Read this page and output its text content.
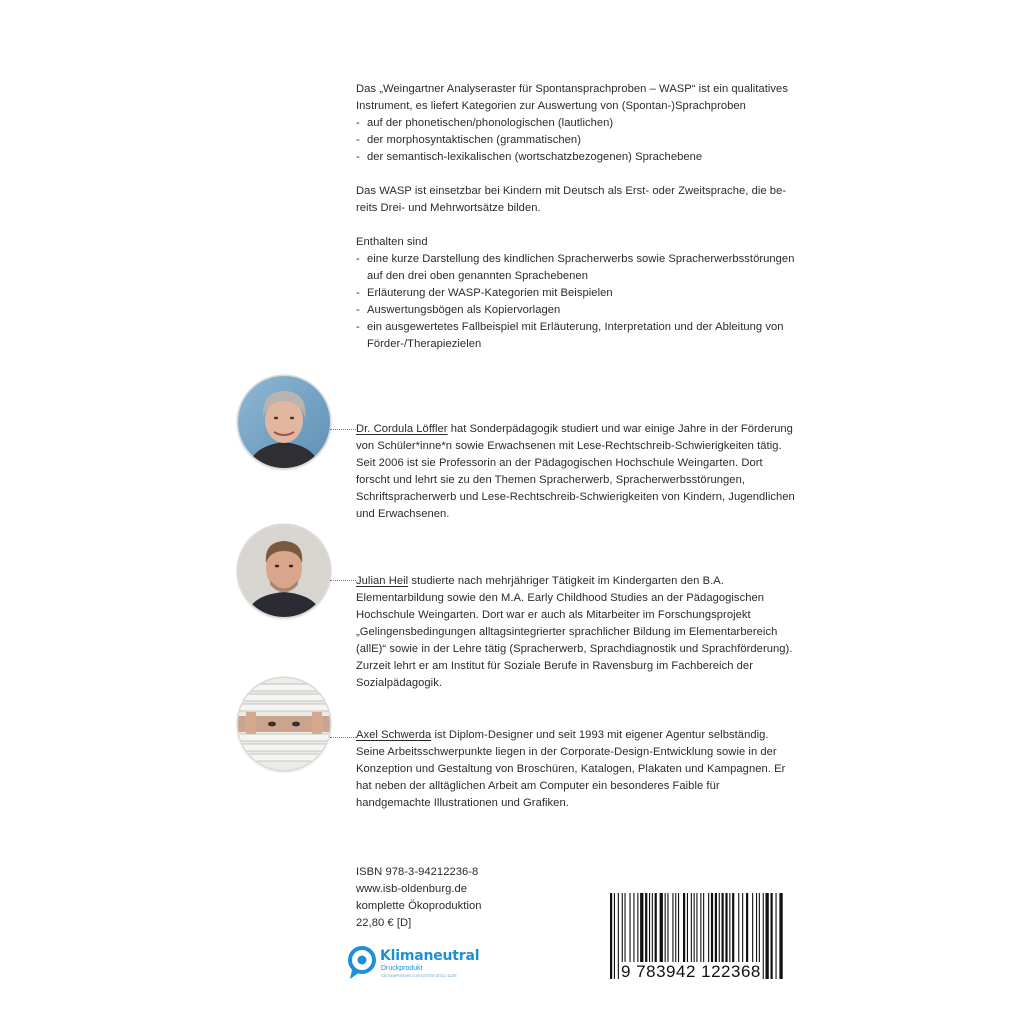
Das „Weingartner Analyseraster für Spontansprachproben – WASP“ ist ein qualitatives Instrument, es liefert Kategorien zur Auswertung von (Spontan-)Sprachproben

- auf der phonetischen/phonologischen (lautlichen)
- der morphosyntaktischen (grammatischen)
- der semantisch-lexikalischen (wortschatzbezogenen) Sprachebene

Das WASP ist einsetzbar bei Kindern mit Deutsch als Erst- oder Zweitsprache, die be-

reits Drei- und Mehrwortsätze bilden.

Enthalten sind

- eine kurze Darstellung des kindlichen Spracherwerbs sowie Spracherwerbsstörungen auf den drei oben genannten Sprachebenen
- Erläuterung der WASP-Kategorien mit Beispielen
- Auswertungsbögen als Kopiervorlagen
- ein ausgewertetes Fallbeispiel mit Erläuterung, Interpretation und der Ableitung von Förder-/Therapiezielen

Dr. Cordula Löffler hat Sonderpädagogik studiert und war einige Jahre in der Förderung von Schüler*inne*n sowie Erwachsenen mit Lese-Rechtschreib-Schwierigkeiten tätig. Seit 2006 ist sie Professorin an der Pädagogischen Hochschule Weingarten. Dort forscht und lehrt sie zu den Themen Spracherwerb, Spracherwerbsstörungen, Schriftspracherwerb und Lese-Rechtschreib-Schwierigkeiten von Kindern, Jugendlichen und Erwachsenen.

Julian Heil studierte nach mehrjähriger Tätigkeit im Kindergarten den B.A. Elementarbildung sowie den M.A. Early Childhood Studies an der Pädagogischen Hochschule Weingarten. Dort war er auch als Mitarbeiter im Forschungsprojekt „Gelingensbedingungen alltagsintegrierter sprachlicher Bildung im Elementarbereich (allE)“ sowie in der Lehre tätig (Spracherwerb, Sprachdiagnostik und Sprachförderung). Zurzeit lehrt er am Institut für Soziale Berufe in Ravensburg im Fachbereich der Sozialpädagogik.

Axel Schwerda ist Diplom-Designer und seit 1993 mit eigener Agentur selbständig. Seine Arbeitsschwerpunkte liegen in der Corporate-Design-Entwicklung sowie in der Konzeption und Gestaltung von Broschüren, Katalogen, Plakaten und Kampagnen. Er hat neben der alltäglichen Arbeit am Computer ein besonderes Faible für handgemachte Illustrationen und Grafiken.

ISBN 978-3-94212236-8

www.isb-oldenburg.de

komplette Ökoproduktion

22,80 € [D]

Klimaneutral
Druckprodukt
ClimatePartner.com/10704-2011-1126	9 783942 122368
